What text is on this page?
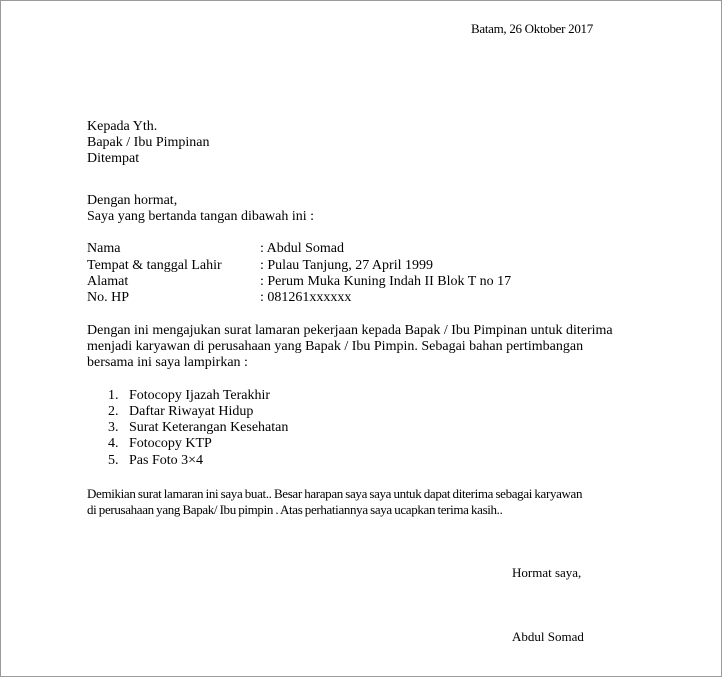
Batam, 26 Oktober 2017
Kepada Yth.
Bapak / Ibu Pimpinan
Ditempat
Dengan hormat,
Saya yang bertanda tangan dibawah ini :
Nama	: Abdul Somad
Tempat & tanggal Lahir	: Pulau Tanjung, 27 April 1999
Alamat	: Perum Muka Kuning Indah II Blok T no 17
No. HP	: 081261xxxxxx
Dengan ini mengajukan surat lamaran pekerjaan kepada Bapak / Ibu Pimpinan untuk diterima
menjadi karyawan di perusahaan yang Bapak / Ibu Pimpin. Sebagai bahan pertimbangan
bersama ini saya lampirkan :
1. Fotocopy Ijazah Terakhir
2. Daftar Riwayat Hidup
3. Surat Keterangan Kesehatan
4. Fotocopy KTP
5. Pas Foto 3×4
Demikian surat lamaran ini saya buat.. Besar harapan saya saya untuk dapat diterima sebagai karyawan
di perusahaan yang Bapak/ Ibu pimpin . Atas perhatiannya saya ucapkan terima kasih..
Hormat saya,
Abdul Somad
